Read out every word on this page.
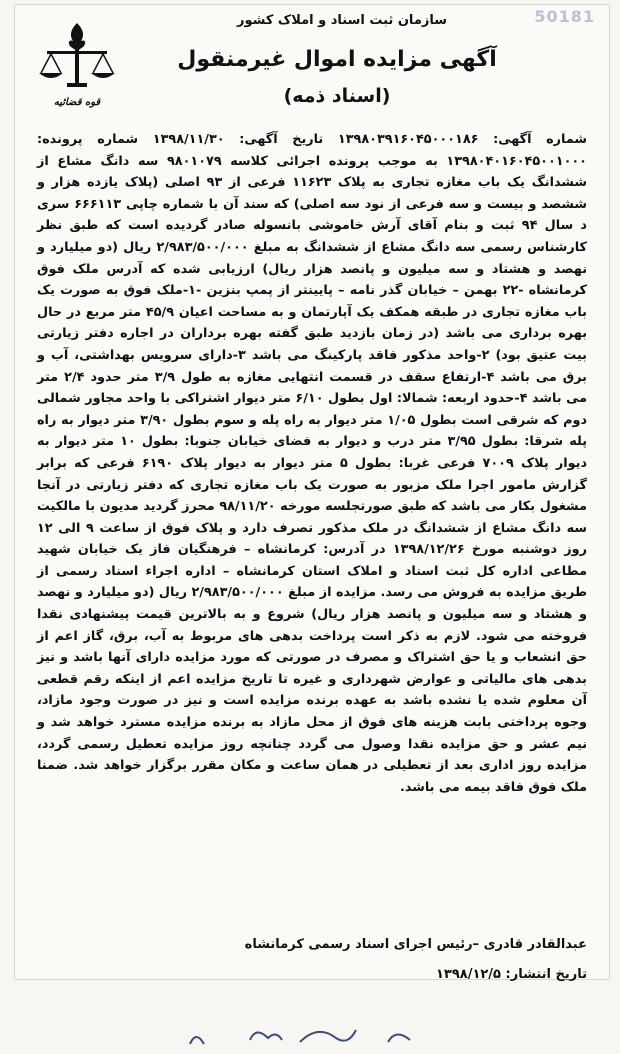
50181
قوه قضائیه
سازمان ثبت اسناد و املاک کشور
آگهی مزایده اموال غیرمنقول
(اسناد ذمه)
شماره آگهی: ۱۳۹۸۰۳۹۱۶۰۴۵۰۰۰۱۸۶ تاریخ آگهی: ۱۳۹۸/۱۱/۳۰ شماره پرونده: ۱۳۹۸۰۴۰۱۶۰۴۵۰۰۱۰۰۰ به موجب پرونده اجرائی کلاسه ۹۸۰۱۰۷۹ سه دانگ مشاع از ششدانگ یک باب مغازه تجاری به پلاک ۱۱۶۲۳ فرعی از ۹۳ اصلی (پلاک یازده هزار و ششصد و بیست و سه فرعی از نود سه اصلی) که سند آن با شماره چاپی ۶۶۶۱۱۳ سری د سال ۹۴ ثبت و بنام آقای آرش خاموشی بانسوله صادر گردیده است که طبق نظر کارشناس رسمی سه دانگ مشاع از ششدانگ به مبلغ ۲/۹۸۳/۵۰۰/۰۰۰ ریال (دو میلیارد و نهصد و هشتاد و سه میلیون و پانصد هزار ریال) ارزیابی شده که آدرس ملک فوق کرمانشاه -۲۲ بهمن – خیابان گذر نامه – پایینتر از پمپ بنزین -۱-ملک فوق به صورت یک باب مغازه تجاری در طبقه همکف یک آپارتمان و به مساحت اعیان ۴۵/۹ متر مربع در حال بهره برداری می باشد (در زمان بازدید طبق گفته بهره برداران در اجاره دفتر زیارتی بیت عتیق بود) ۲-واحد مذکور فاقد پارکینگ می باشد ۳-دارای سرویس بهداشتی، آب و برق می باشد ۴-ارتفاع سقف در قسمت انتهایی مغازه به طول ۳/۹ متر حدود ۲/۴ متر می باشد ۴-حدود اربعه: شمالا: اول بطول ۶/۱۰ متر دیوار اشتراکی با واحد مجاور شمالی دوم که شرقی است بطول ۱/۰۵ متر دیوار به راه پله و سوم بطول ۳/۹۰ متر دیوار به راه پله شرقا: بطول ۳/۹۵ متر درب و دیوار به فضای خیابان جنوبا: بطول ۱۰ متر دیوار به دیوار پلاک ۷۰۰۹ فرعی غربا: بطول ۵ متر دیوار به دیوار پلاک ۶۱۹۰ فرعی که برابر گزارش مامور اجرا ملک مزبور به صورت یک باب مغازه تجاری که دفتر زیارتی در آنجا مشغول بکار می باشد که طبق صورتجلسه مورخه ۹۸/۱۱/۲۰ محرز گردید مدیون با مالکیت سه دانگ مشاع از ششدانگ در ملک مذکور تصرف دارد و پلاک فوق از ساعت ۹ الی ۱۲ روز دوشنبه مورخ ۱۳۹۸/۱۲/۲۶ در آدرس: کرمانشاه – فرهنگیان فاز یک خیابان شهید مطاعی اداره کل ثبت اسناد و املاک استان کرمانشاه – اداره اجراء اسناد رسمی از طریق مزایده به فروش می رسد. مزایده از مبلغ ۲/۹۸۳/۵۰۰/۰۰۰ ریال (دو میلیارد و نهصد و هشتاد و سه میلیون و پانصد هزار ریال) شروع و به بالاترین قیمت پیشنهادی نقدا فروخته می شود. لازم به ذکر است پرداخت بدهی های مربوط به آب، برق، گاز اعم از حق انشعاب و یا حق اشتراک و مصرف در صورتی که مورد مزایده دارای آنها باشد و نیز بدهی های مالیاتی و عوارض شهرداری و غیره تا تاریخ مزایده اعم از اینکه رقم قطعی آن معلوم شده یا نشده باشد به عهده برنده مزایده است و نیز در صورت وجود مازاد، وجوه پرداختی بابت هزینه های فوق از محل مازاد به برنده مزایده مسترد خواهد شد و نیم عشر و حق مزایده نقدا وصول می گردد چنانچه روز مزایده تعطیل رسمی گردد، مزایده روز اداری بعد از تعطیلی در همان ساعت و مکان مقرر برگزار خواهد شد. ضمنا ملک فوق فاقد بیمه می باشد.
عبدالقادر قادری –رئیس اجرای اسناد رسمی کرمانشاه
تاریخ انتشار: ۱۳۹۸/۱۲/۵
